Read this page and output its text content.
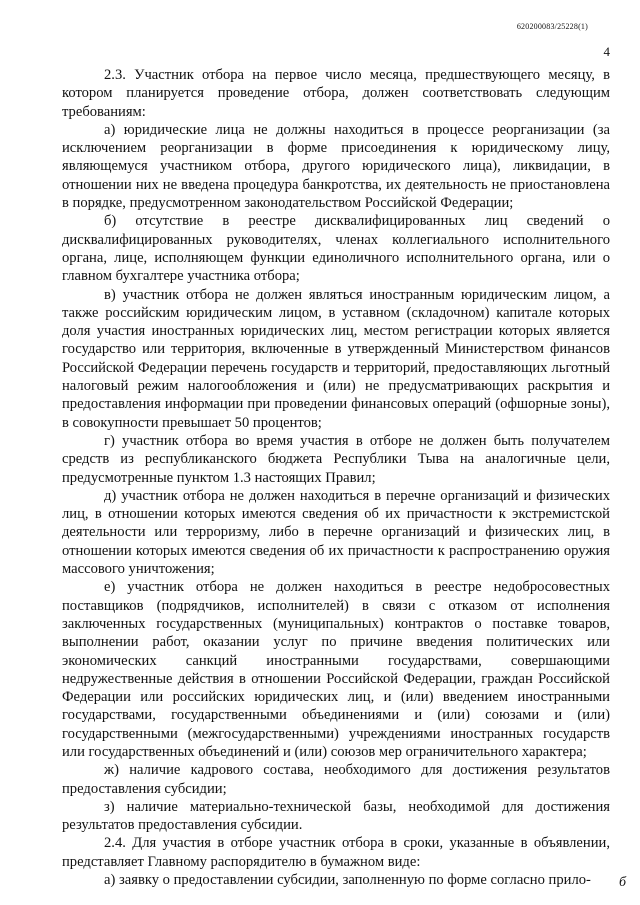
620200083/25228(1)
4

2.3. Участник отбора на первое число месяца, предшествующего месяцу, в котором планируется проведение отбора, должен соответствовать следующим требованиям:

а) юридические лица не должны находиться в процессе реорганизации (за исключением реорганизации в форме присоединения к юридическому лицу, являющемуся участником отбора, другого юридического лица), ликвидации, в отношении них не введена процедура банкротства, их деятельность не приостановлена в порядке, предусмотренном законодательством Российской Федерации;

б) отсутствие в реестре дисквалифицированных лиц сведений о дисквалифицированных руководителях, членах коллегиального исполнительного органа, лице, исполняющем функции единоличного исполнительного органа, или о главном бухгалтере участника отбора;

в) участник отбора не должен являться иностранным юридическим лицом, а также российским юридическим лицом, в уставном (складочном) капитале которых доля участия иностранных юридических лиц, местом регистрации которых является государство или территория, включенные в утвержденный Министерством финансов Российской Федерации перечень государств и территорий, предоставляющих льготный налоговый режим налогообложения и (или) не предусматривающих раскрытия и предоставления информации при проведении финансовых операций (офшорные зоны), в совокупности превышает 50 процентов;

г) участник отбора во время участия в отборе не должен быть получателем средств из республиканского бюджета Республики Тыва на аналогичные цели, предусмотренные пунктом 1.3 настоящих Правил;

д) участник отбора не должен находиться в перечне организаций и физических лиц, в отношении которых имеются сведения об их причастности к экстремистской деятельности или терроризму, либо в перечне организаций и физических лиц, в отношении которых имеются сведения об их причастности к распространению оружия массового уничтожения;

е) участник отбора не должен находиться в реестре недобросовестных поставщиков (подрядчиков, исполнителей) в связи с отказом от исполнения заключенных государственных (муниципальных) контрактов о поставке товаров, выполнении работ, оказании услуг по причине введения политических или экономических санкций иностранными государствами, совершающими недружественные действия в отношении Российской Федерации, граждан Российской Федерации или российских юридических лиц, и (или) введением иностранными государствами, государственными объединениями и (или) союзами и (или) государственными (межгосударственными) учреждениями иностранных государств или государственных объединений и (или) союзов мер ограничительного характера;

ж) наличие кадрового состава, необходимого для достижения результатов предоставления субсидии;

з) наличие материально-технической базы, необходимой для достижения результатов предоставления субсидии.

2.4. Для участия в отборе участник отбора в сроки, указанные в объявлении, представляет Главному распорядителю в бумажном виде:

а) заявку о предоставлении субсидии, заполненную по форме согласно прило-	б
